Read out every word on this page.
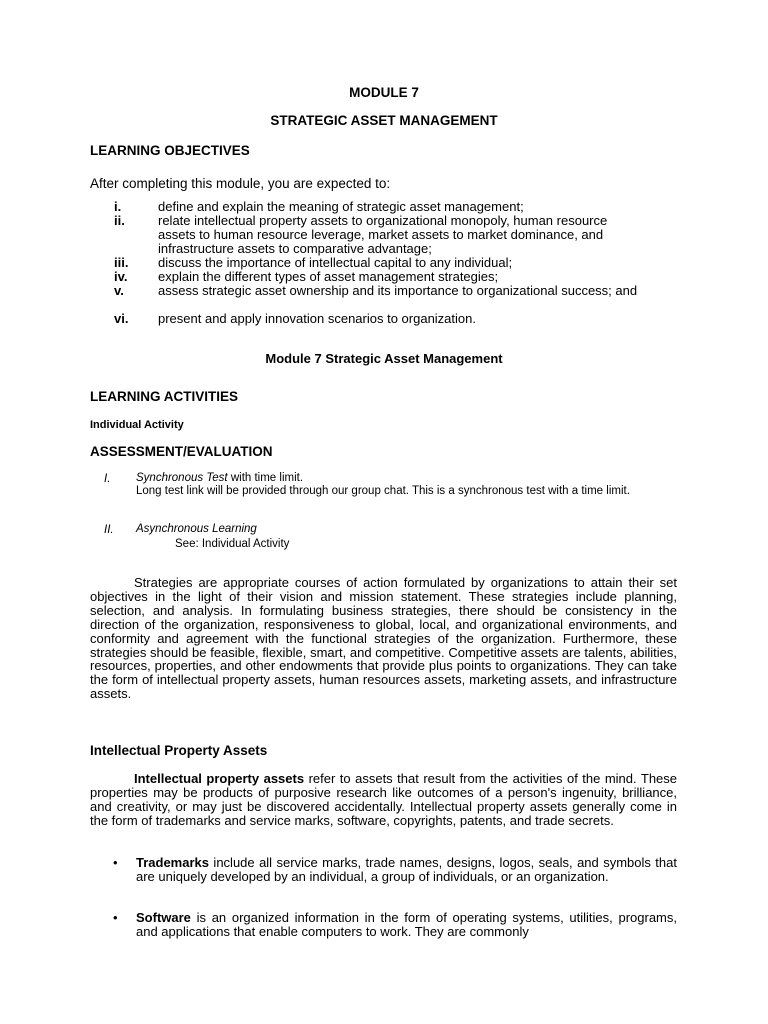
MODULE 7
STRATEGIC ASSET MANAGEMENT
LEARNING OBJECTIVES
After completing this module, you are expected to:
i.	define and explain the meaning of strategic asset management;
ii.	relate intellectual property assets to organizational monopoly, human resource assets to human resource leverage, market assets to market dominance, and infrastructure assets to comparative advantage;
iii.	discuss the importance of intellectual capital to any individual;
iv.	explain the different types of asset management strategies;
v.	assess strategic asset ownership and its importance to organizational success; and
vi.	present and apply innovation scenarios to organization.
Module 7 Strategic Asset Management
LEARNING ACTIVITIES
Individual Activity
ASSESSMENT/EVALUATION
I. Synchronous Test with time limit.
Long test link will be provided through our group chat. This is a synchronous test with a time limit.
II. Asynchronous Learning
See: Individual Activity
Strategies are appropriate courses of action formulated by organizations to attain their set objectives in the light of their vision and mission statement. These strategies include planning, selection, and analysis. In formulating business strategies, there should be consistency in the direction of the organization, responsiveness to global, local, and organizational environments, and conformity and agreement with the functional strategies of the organization. Furthermore, these strategies should be feasible, flexible, smart, and competitive. Competitive assets are talents, abilities, resources, properties, and other endowments that provide plus points to organizations. They can take the form of intellectual property assets, human resources assets, marketing assets, and infrastructure assets.
Intellectual Property Assets
Intellectual property assets refer to assets that result from the activities of the mind. These properties may be products of purposive research like outcomes of a person's ingenuity, brilliance, and creativity, or may just be discovered accidentally. Intellectual property assets generally come in the form of trademarks and service marks, software, copyrights, patents, and trade secrets.
• Trademarks include all service marks, trade names, designs, logos, seals, and symbols that are uniquely developed by an individual, a group of individuals, or an organization.
• Software is an organized information in the form of operating systems, utilities, programs, and applications that enable computers to work. They are commonly
